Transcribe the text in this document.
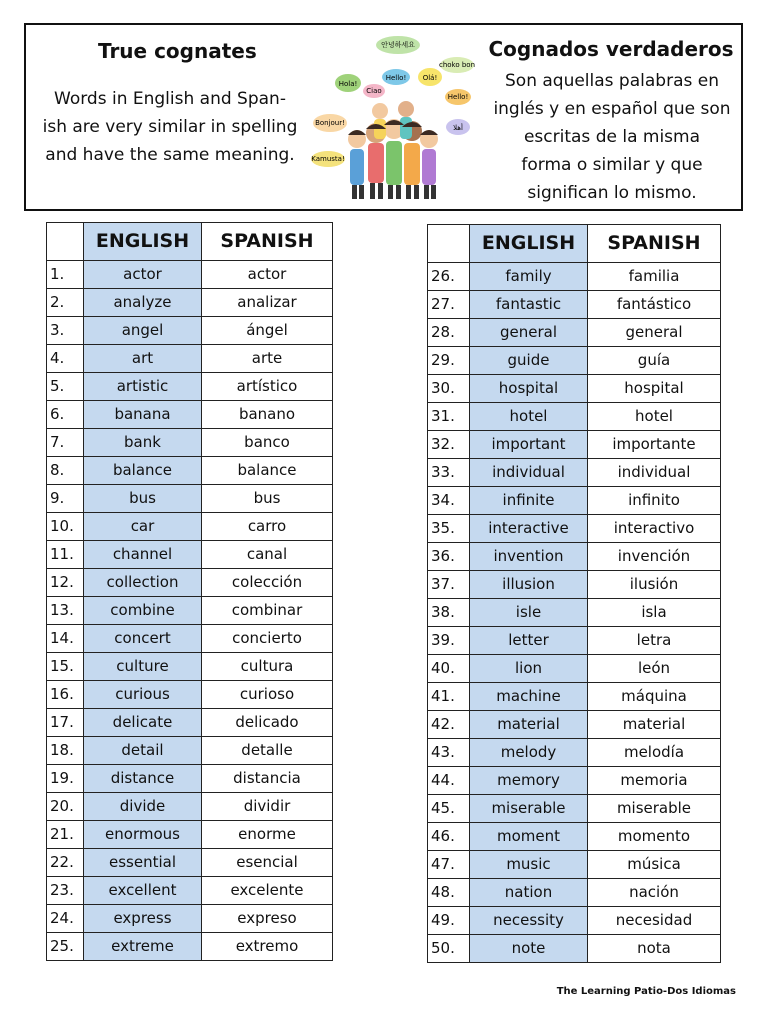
True cognates
Words in English and Span-
ish are very similar in spelling
and have the same meaning.
안녕하세요
Hola!
Hello! Olá!
Ciao
choko bon
Hello!
Bonjour!
أهلا
Kamusta!
Cognados verdaderos
Son aquellas palabras en
inglés y en español que son
escritas de la misma
forma o similar y que
significan lo mismo.
	ENGLISH	SPANISH
1.	actor	actor
2.	analyze	analizar
3.	angel	ángel
4.	art	arte
5.	artistic	artístico
6.	banana	banano
7.	bank	banco
8.	balance	balance
9.	bus	bus
10.	car	carro
11.	channel	canal
12.	collection	colección
13.	combine	combinar
14.	concert	concierto
15.	culture	cultura
16.	curious	curioso
17.	delicate	delicado
18.	detail	detalle
19.	distance	distancia
20.	divide	dividir
21.	enormous	enorme
22.	essential	esencial
23.	excellent	excelente
24.	express	expreso
25.	extreme	extremo
	ENGLISH	SPANISH
26.	family	familia
27.	fantastic	fantástico
28.	general	general
29.	guide	guía
30.	hospital	hospital
31.	hotel	hotel
32.	important	importante
33.	individual	individual
34.	infinite	infinito
35.	interactive	interactivo
36.	invention	invención
37.	illusion	ilusión
38.	isle	isla
39.	letter	letra
40.	lion	león
41.	machine	máquina
42.	material	material
43.	melody	melodía
44.	memory	memoria
45.	miserable	miserable
46.	moment	momento
47.	music	música
48.	nation	nación
49.	necessity	necesidad
50.	note	nota
The Learning Patio-Dos Idiomas
